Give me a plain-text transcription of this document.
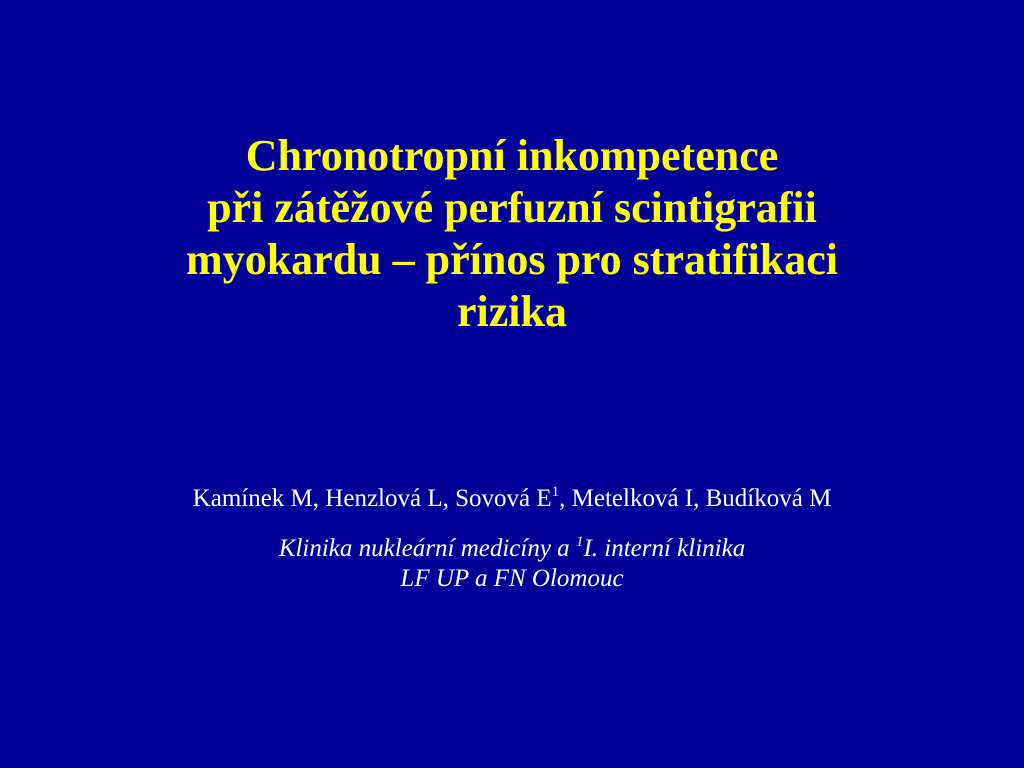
Chronotropní inkompetence
při zátěžové perfuzní scintigrafii
myokardu – přínos pro stratifikaci
rizika
Kamínek M, Henzlová L, Sovová $E^1$, Metelková I, Budíková M
Klinika nukleární medicíny a $^1$I. interní klinika
LF UP a FN Olomouc
